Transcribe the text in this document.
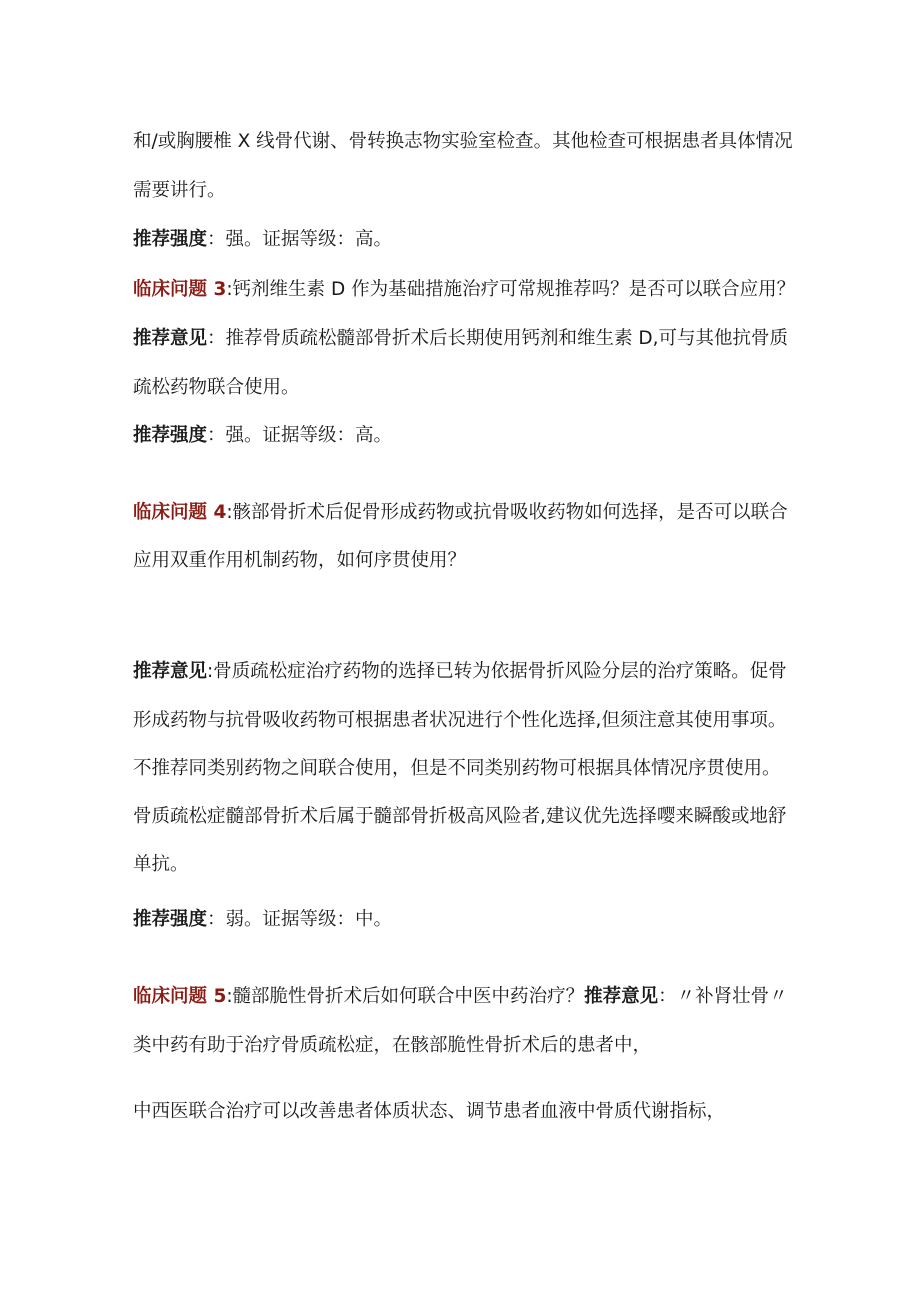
和/或胸腰椎 X 线骨代谢、骨转换志物实验室检查。其他检查可根据患者具体情况
需要讲行。
推荐强度：强。证据等级：高。
临床问题 3:钙剂维生素 D 作为基础措施治疗可常规推荐吗？是否可以联合应用？
推荐意见：推荐骨质疏松髓部骨折术后长期使用钙剂和维生素 D,可与其他抗骨质
疏松药物联合使用。
推荐强度：强。证据等级：高。
临床问题 4:骸部骨折术后促骨形成药物或抗骨吸收药物如何选择，是否可以联合
应用双重作用机制药物，如何序贯使用？
推荐意见:骨质疏松症治疗药物的选择已转为依据骨折风险分层的治疗策略。促骨
形成药物与抗骨吸收药物可根据患者状况进行个性化选择,但须注意其使用事项。
不推荐同类别药物之间联合使用，但是不同类别药物可根据具体情况序贯使用。
骨质疏松症髓部骨折术后属于髓部骨折极高风险者,建议优先选择嘤来瞬酸或地舒
单抗。
推荐强度：弱。证据等级：中。
临床问题 5:髓部脆性骨折术后如何联合中医中药治疗？推荐意见：〃补肾壮骨〃
类中药有助于治疗骨质疏松症，在骸部脆性骨折术后的患者中，
中西医联合治疗可以改善患者体质状态、调节患者血液中骨质代谢指标，
